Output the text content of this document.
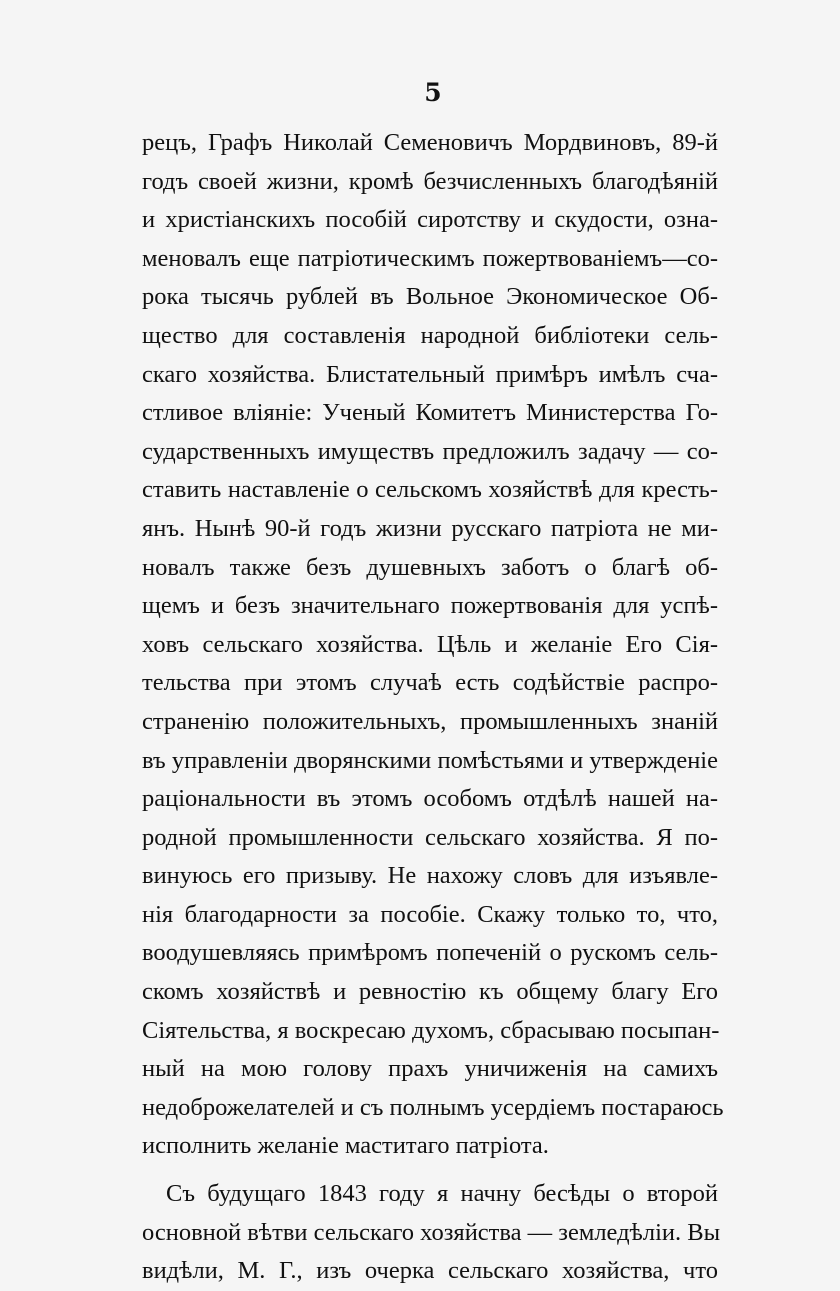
5
рецъ, Графъ Николай Семеновичъ Мордвиновъ, 89-й
годъ своей жизни, кромѣ безчисленныхъ благодѣяній
и христіанскихъ пособій сиротству и скудости, озна-
меновалъ еще патріотическимъ пожертвованіемъ—со-
рока тысячь рублей въ Вольное Экономическое Об-
щество для составленія народной библіотеки сель-
скаго хозяйства. Блистательный примѣръ имѣлъ сча-
стливое вліяніе: Ученый Комитетъ Министерства Го-
сударственныхъ имуществъ предложилъ задачу — со-
ставить наставленіе о сельскомъ хозяйствѣ для кресть-
янъ. Нынѣ 90-й годъ жизни русскаго патріота не ми-
новалъ также безъ душевныхъ заботъ о благѣ об-
щемъ и безъ значительнаго пожертвованія для успѣ-
ховъ сельскаго хозяйства. Цѣль и желаніе Его Сія-
тельства при этомъ случаѣ есть содѣйствіе распро-
страненію положительныхъ, промышленныхъ знаній
въ управленіи дворянскими помѣстьями и утвержденіе
раціональности въ этомъ особомъ отдѣлѣ нашей на-
родной промышленности сельскаго хозяйства. Я по-
винуюсь его призыву. Не нахожу словъ для изъявле-
нія благодарности за пособіе. Скажу только то, что,
воодушевляясь примѣромъ попеченій о рускомъ сель-
скомъ хозяйствѣ и ревностію къ общему благу Его
Сіятельства, я воскресаю духомъ, сбрасываю посыпан-
ный на мою голову прахъ уничиженія на самихъ
недоброжелателей и съ полнымъ усердіемъ постараюсь
исполнить желаніе маститаго патріота.
Съ будущаго 1843 году я начну бесѣды о второй
основной вѣтви сельскаго хозяйства — земледѣліи. Вы
видѣли, М. Г., изъ очерка сельскаго хозяйства, что
